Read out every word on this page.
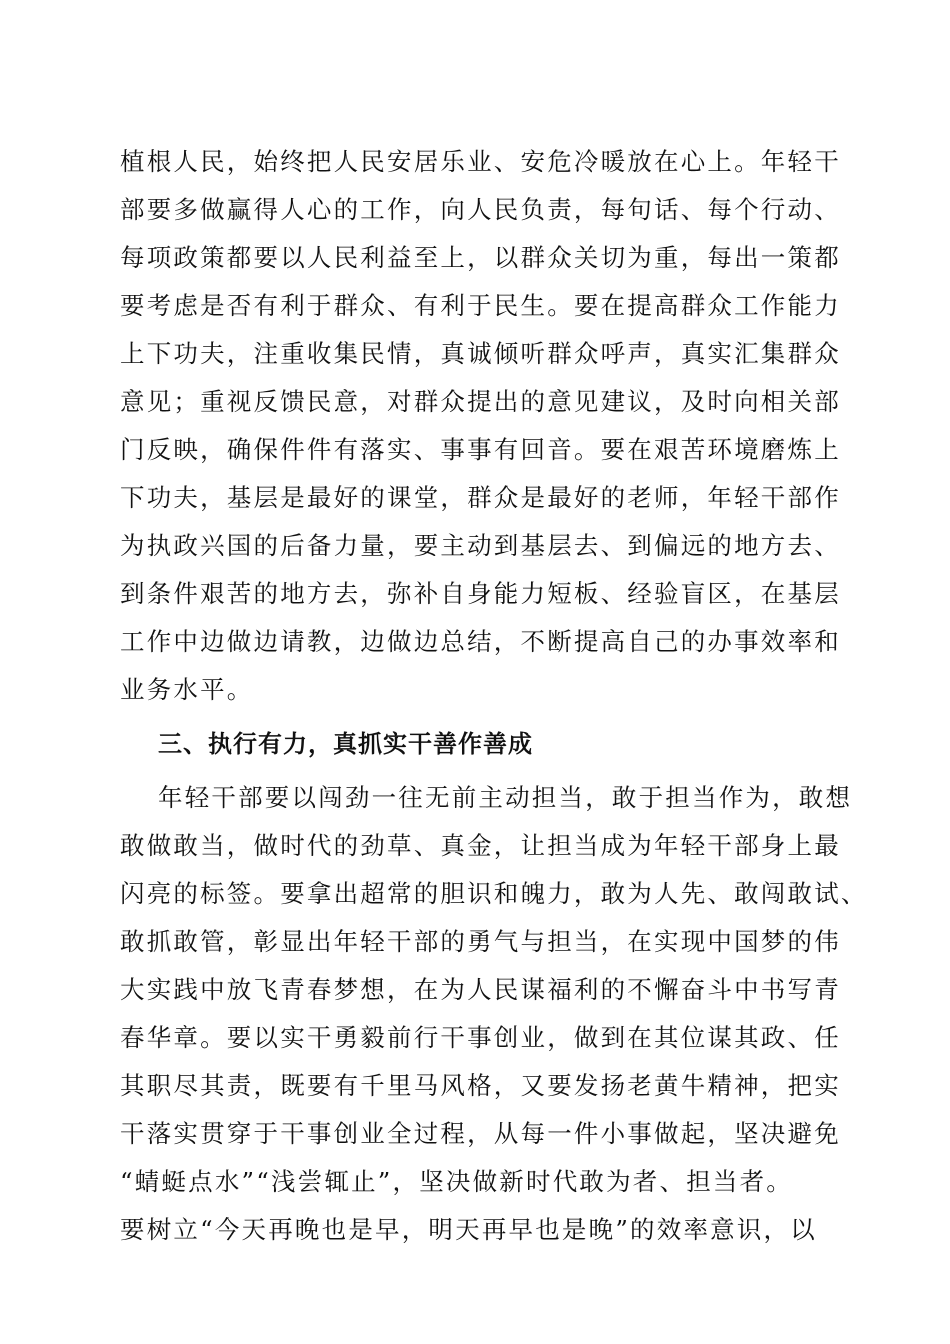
植根人民，始终把人民安居乐业、安危冷暖放在心上。年轻干
部要多做赢得人心的工作，向人民负责，每句话、每个行动、
每项政策都要以人民利益至上，以群众关切为重，每出一策都
要考虑是否有利于群众、有利于民生。要在提高群众工作能力
上下功夫，注重收集民情，真诚倾听群众呼声，真实汇集群众
意见；重视反馈民意，对群众提出的意见建议，及时向相关部
门反映，确保件件有落实、事事有回音。要在艰苦环境磨炼上
下功夫，基层是最好的课堂，群众是最好的老师，年轻干部作
为执政兴国的后备力量，要主动到基层去、到偏远的地方去、
到条件艰苦的地方去，弥补自身能力短板、经验盲区，在基层
工作中边做边请教，边做边总结，不断提高自己的办事效率和
业务水平。
三、执行有力，真抓实干善作善成
年轻干部要以闯劲一往无前主动担当，敢于担当作为，敢想
敢做敢当，做时代的劲草、真金，让担当成为年轻干部身上最
闪亮的标签。要拿出超常的胆识和魄力，敢为人先、敢闯敢试、
敢抓敢管，彰显出年轻干部的勇气与担当，在实现中国梦的伟
大实践中放飞青春梦想，在为人民谋福利的不懈奋斗中书写青
春华章。要以实干勇毅前行干事创业，做到在其位谋其政、任
其职尽其责，既要有千里马风格，又要发扬老黄牛精神，把实
干落实贯穿于干事创业全过程，从每一件小事做起，坚决避免
“蜻蜓点水”“浅尝辄止”，坚决做新时代敢为者、担当者。
要树立“今天再晚也是早，明天再早也是晚”的效率意识，以
